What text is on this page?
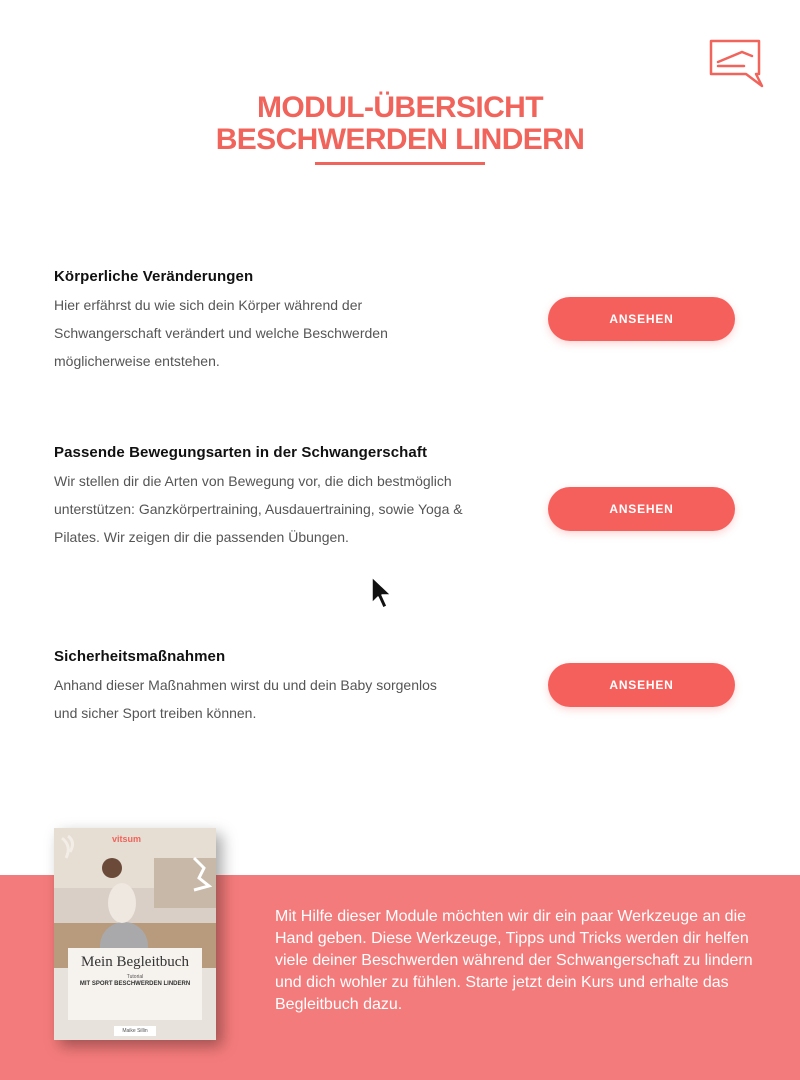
MODUL-ÜBERSICHT
BESCHWERDEN LINDERN
Körperliche Veränderungen

Hier erfährst du wie sich dein Körper während der Schwangerschaft verändert und welche Beschwerden möglicherweise entstehen.

ANSEHEN
Passende Bewegungsarten in der Schwangerschaft

Wir stellen dir die Arten von Bewegung vor, die dich bestmöglich unterstützen: Ganzkörpertraining, Ausdauertraining, sowie Yoga & Pilates. Wir zeigen dir die passenden Übungen.

ANSEHEN
Sicherheitsmaßnahmen

Anhand dieser Maßnahmen wirst du und dein Baby sorgenlos und sicher Sport treiben können.

ANSEHEN

Mit Hilfe dieser Module möchten wir dir ein paar Werkzeuge an die Hand geben. Diese Werkzeuge, Tipps und Tricks werden dir helfen viele deiner Beschwerden während der Schwangerschaft zu lindern und dich wohler zu fühlen. Starte jetzt dein Kurs und erhalte das Begleitbuch dazu.

vitsum
Mein Begleitbuch
Tutorial
MIT SPORT BESCHWERDEN LINDERN
Maike Sillin
